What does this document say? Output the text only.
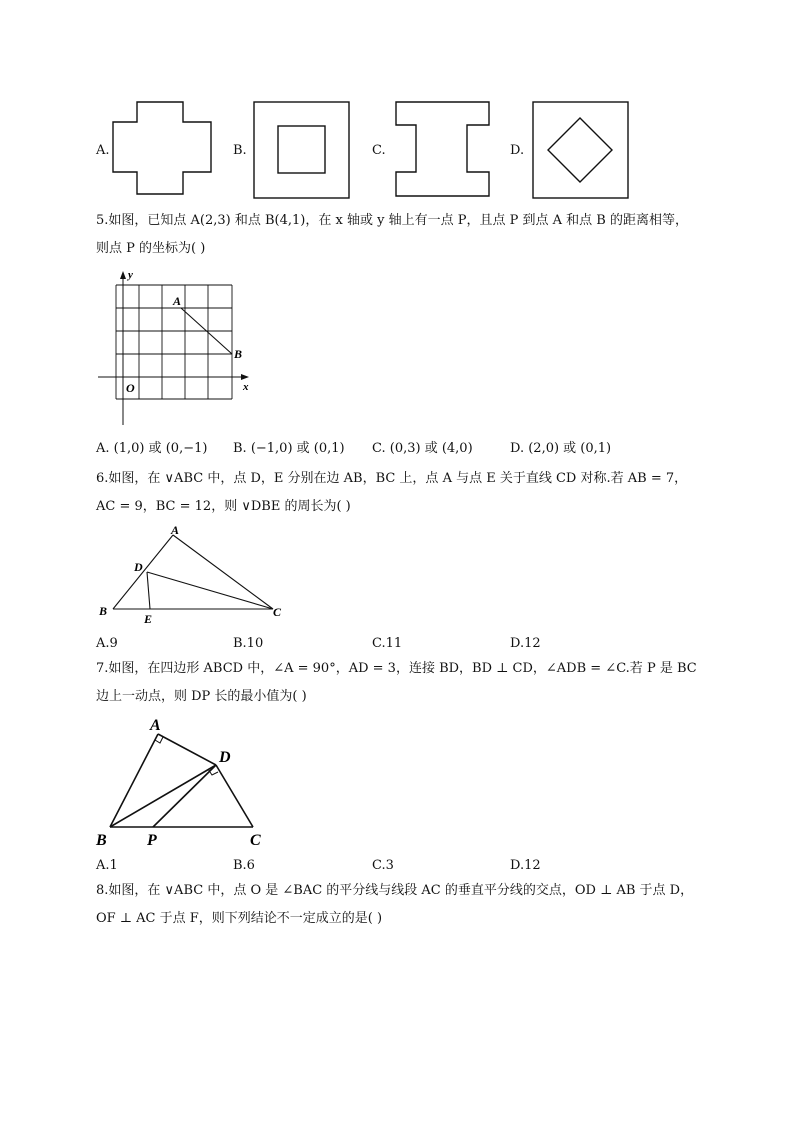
A.	B.	C.	D.
5.如图，已知点 A(2,3) 和点 B(4,1)，在 x 轴或 y 轴上有一点 P，且点 P 到点 A 和点 B 的距离相等，
则点 P 的坐标为( )
y
x
O
A
B
A. (1,0) 或 (0,−1) B. (−1,0) 或 (0,1) C. (0,3) 或 (4,0)	D. (2,0) 或 (0,1)
6.如图，在 ∨ABC 中，点 D，E 分别在边 AB，BC 上，点 A 与点 E 关于直线 CD 对称.若 AB = 7，
AC = 9，BC = 12，则 ∨DBE 的周长为( )
A
B	C
D
E
A.9	B.10	C.11	D.12
7.如图，在四边形 ABCD 中，∠A = 90°，AD = 3，连接 BD，BD ⊥ CD，∠ADB = ∠C.若 P 是 BC
边上一动点，则 DP 长的最小值为( )
A
B	C
D
P
A.1	B.6	C.3	D.12
8.如图，在 ∨ABC 中，点 O 是 ∠BAC 的平分线与线段 AC 的垂直平分线的交点，OD ⊥ AB 于点 D，
OF ⊥ AC 于点 F，则下列结论不一定成立的是( )
